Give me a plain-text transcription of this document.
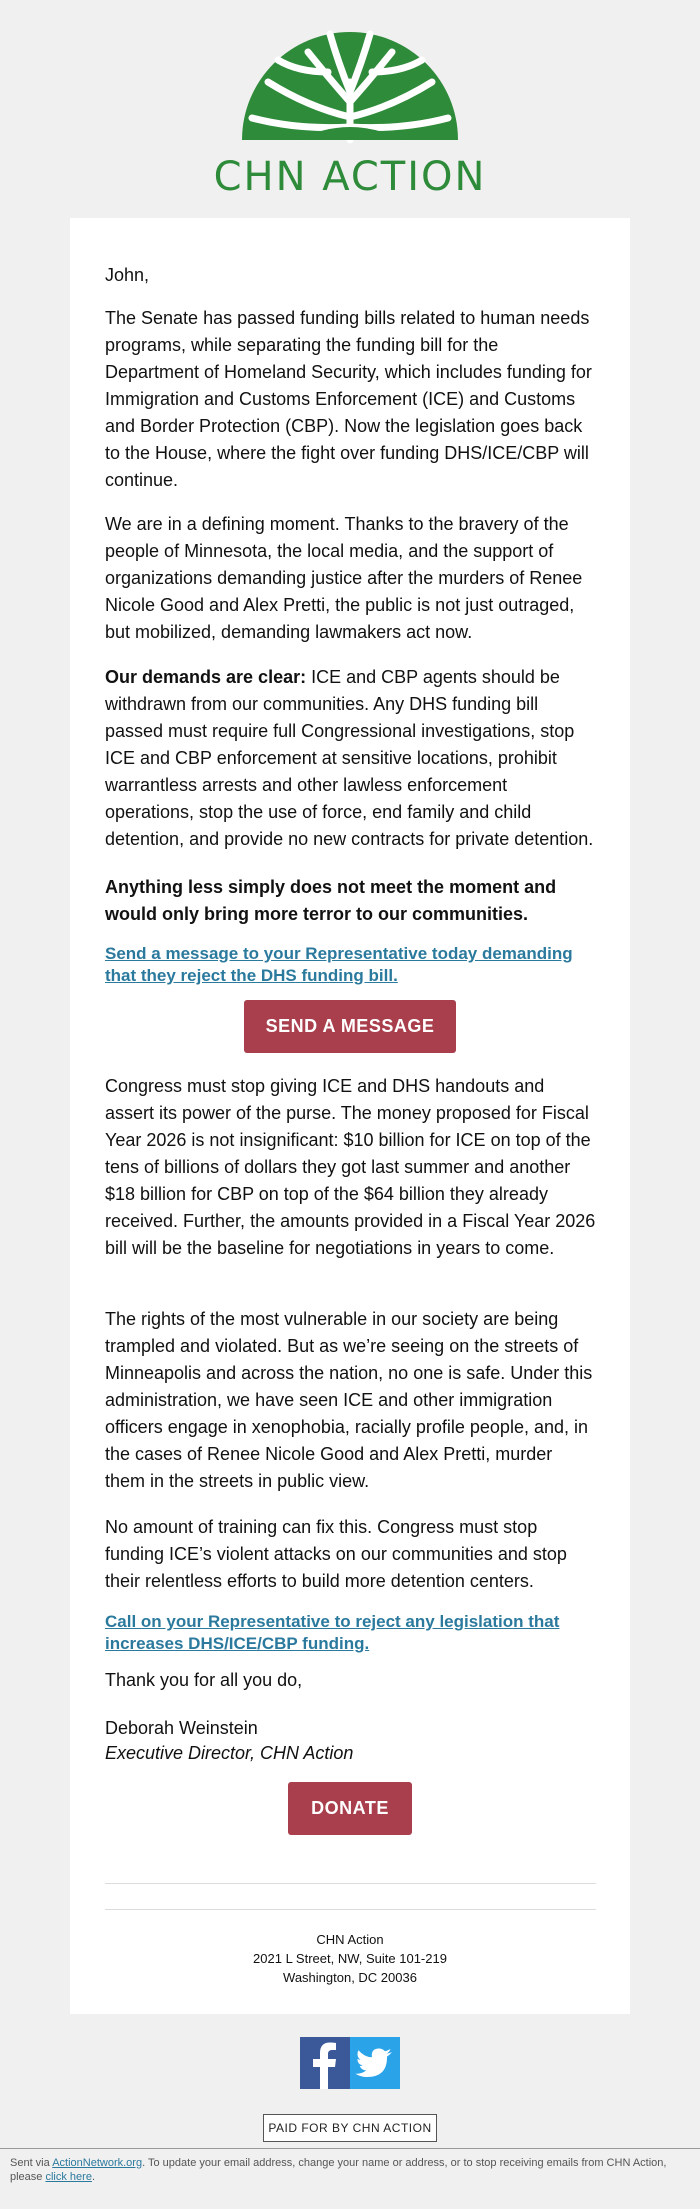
CHN ACTION

John,

The Senate has passed funding bills related to human needs programs, while separating the funding bill for the Department of Homeland Security, which includes funding for Immigration and Customs Enforcement (ICE) and Customs and Border Protection (CBP). Now the legislation goes back to the House, where the fight over funding DHS/ICE/CBP will continue.

We are in a defining moment. Thanks to the bravery of the people of Minnesota, the local media, and the support of organizations demanding justice after the murders of Renee Nicole Good and Alex Pretti, the public is not just outraged, but mobilized, demanding lawmakers act now.

Our demands are clear: ICE and CBP agents should be withdrawn from our communities. Any DHS funding bill passed must require full Congressional investigations, stop ICE and CBP enforcement at sensitive locations, prohibit warrantless arrests and other lawless enforcement operations, stop the use of force, end family and child detention, and provide no new contracts for private detention.

Anything less simply does not meet the moment and would only bring more terror to our communities.

Send a message to your Representative today demanding that they reject the DHS funding bill.
SEND A MESSAGE

Congress must stop giving ICE and DHS handouts and assert its power of the purse. The money proposed for Fiscal Year 2026 is not insignificant: $10 billion for ICE on top of the tens of billions of dollars they got last summer and another $18 billion for CBP on top of the $64 billion they already received. Further, the amounts provided in a Fiscal Year 2026 bill will be the baseline for negotiations in years to come.

The rights of the most vulnerable in our society are being trampled and violated. But as we’re seeing on the streets of Minneapolis and across the nation, no one is safe. Under this administration, we have seen ICE and other immigration officers engage in xenophobia, racially profile people, and, in the cases of Renee Nicole Good and Alex Pretti, murder them in the streets in public view.

No amount of training can fix this. Congress must stop funding ICE’s violent attacks on our communities and stop their relentless efforts to build more detention centers.

Call on your Representative to reject any legislation that increases DHS/ICE/CBP funding.

Thank you for all you do,

Deborah Weinstein

Executive Director, CHN Action

DONATE
CHN Action
2021 L Street, NW, Suite 101-219
Washington, DC 20036
PAID FOR BY CHN ACTION
Sent via ActionNetwork.org. To update your email address, change your name or address, or to stop receiving emails from CHN Action, please click here.
